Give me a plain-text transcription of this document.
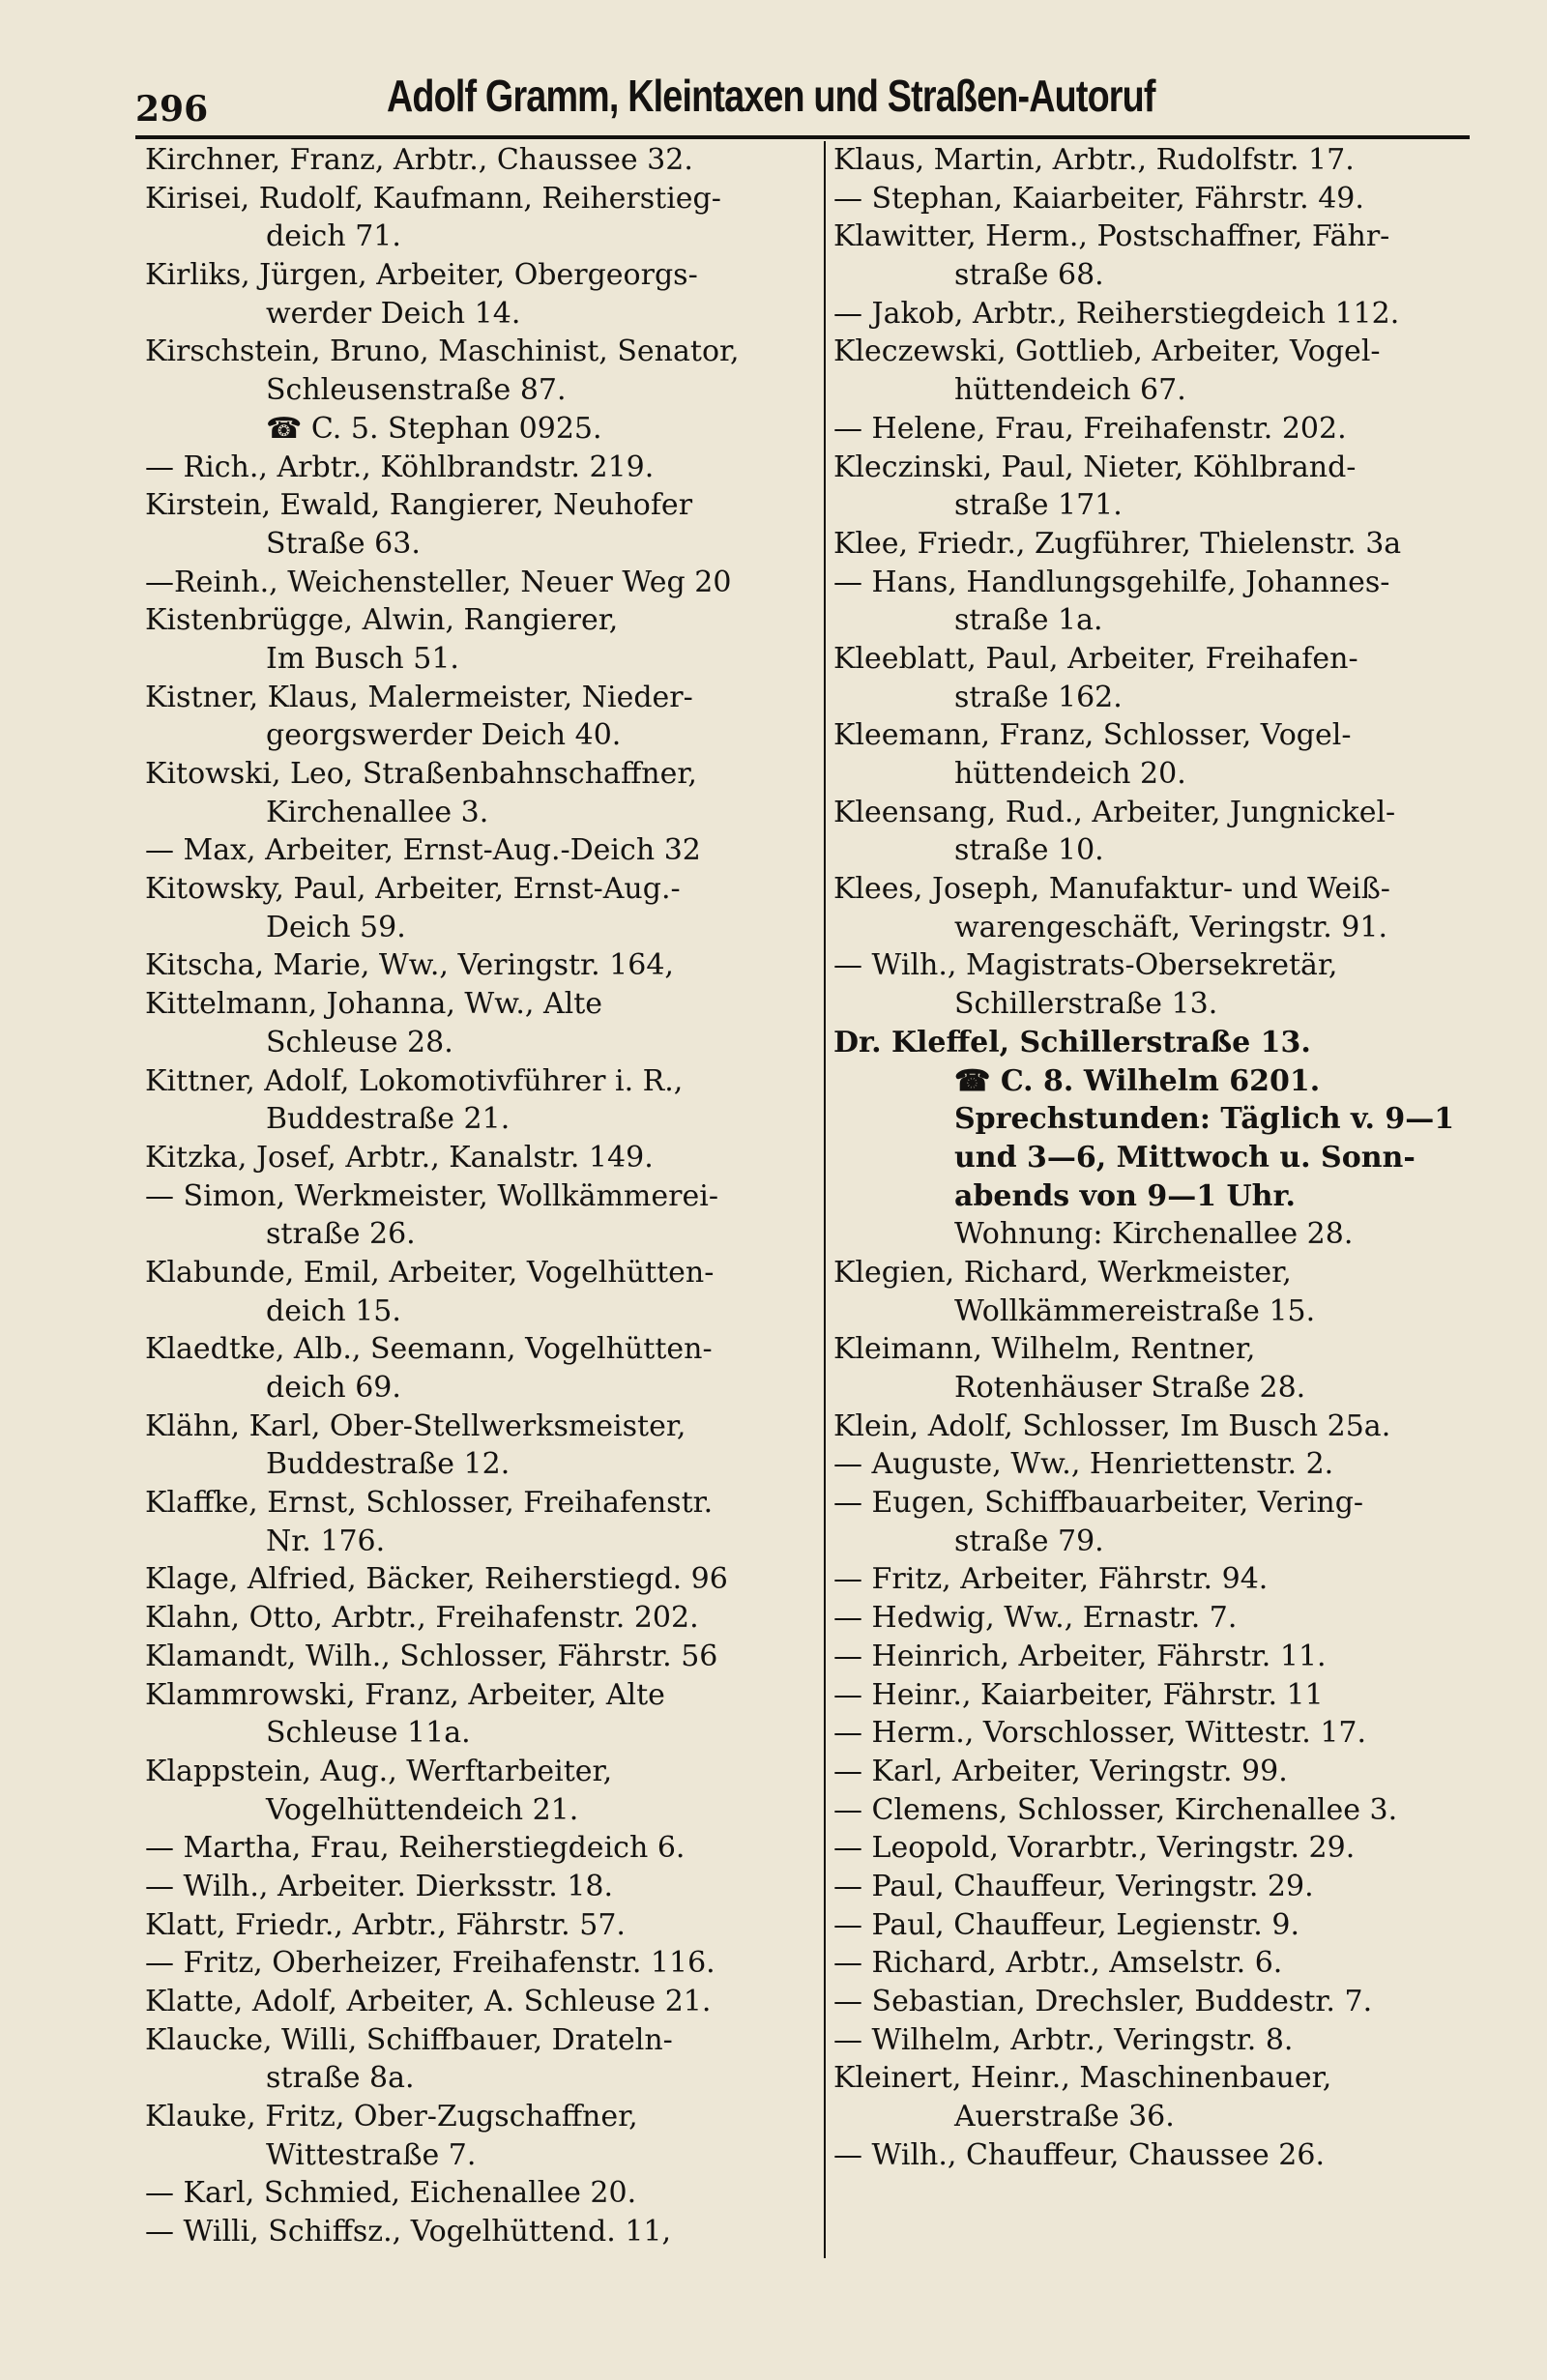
296	Adolf Gramm, Kleintaxen und Straßen-Autoruf

Kirchner, Franz, Arbtr., Chaussee 32.
Kirisei, Rudolf, Kaufmann, Reiherstieg-
deich 71.
Kirliks, Jürgen, Arbeiter, Obergeorgs-
werder Deich 14.
Kirschstein, Bruno, Maschinist, Senator,
Schleusenstraße 87.
☎ C. 5. Stephan 0925.
— Rich., Arbtr., Köhlbrandstr. 219.
Kirstein, Ewald, Rangierer, Neuhofer
Straße 63.
—Reinh., Weichensteller, Neuer Weg 20
Kistenbrügge, Alwin, Rangierer,
Im Busch 51.
Kistner, Klaus, Malermeister, Nieder-
georgswerder Deich 40.
Kitowski, Leo, Straßenbahnschaffner,
Kirchenallee 3.
— Max, Arbeiter, Ernst-Aug.-Deich 32
Kitowsky, Paul, Arbeiter, Ernst-Aug.-
Deich 59.
Kitscha, Marie, Ww., Veringstr. 164,
Kittelmann, Johanna, Ww., Alte
Schleuse 28.
Kittner, Adolf, Lokomotivführer i. R.,
Buddestraße 21.
Kitzka, Josef, Arbtr., Kanalstr. 149.
— Simon, Werkmeister, Wollkämmerei-
straße 26.
Klabunde, Emil, Arbeiter, Vogelhütten-
deich 15.
Klaedtke, Alb., Seemann, Vogelhütten-
deich 69.
Klähn, Karl, Ober-Stellwerksmeister,
Buddestraße 12.
Klaffke, Ernst, Schlosser, Freihafenstr.
Nr. 176.
Klage, Alfried, Bäcker, Reiherstiegd. 96
Klahn, Otto, Arbtr., Freihafenstr. 202.
Klamandt, Wilh., Schlosser, Fährstr. 56
Klammrowski, Franz, Arbeiter, Alte
Schleuse 11a.
Klappstein, Aug., Werftarbeiter,
Vogelhüttendeich 21.
— Martha, Frau, Reiherstiegdeich 6.
— Wilh., Arbeiter. Dierksstr. 18.
Klatt, Friedr., Arbtr., Fährstr. 57.
— Fritz, Oberheizer, Freihafenstr. 116.
Klatte, Adolf, Arbeiter, A. Schleuse 21.
Klaucke, Willi, Schiffbauer, Drateln-
straße 8a.
Klauke, Fritz, Ober-Zugschaffner,
Wittestraße 7.
— Karl, Schmied, Eichenallee 20.
— Willi, Schiffsz., Vogelhüttend. 11,
Klaus, Martin, Arbtr., Rudolfstr. 17.
— Stephan, Kaiarbeiter, Fährstr. 49.
Klawitter, Herm., Postschaffner, Fähr-
straße 68.
— Jakob, Arbtr., Reiherstiegdeich 112.
Kleczewski, Gottlieb, Arbeiter, Vogel-
hüttendeich 67.
— Helene, Frau, Freihafenstr. 202.
Kleczinski, Paul, Nieter, Köhlbrand-
straße 171.
Klee, Friedr., Zugführer, Thielenstr. 3a
— Hans, Handlungsgehilfe, Johannes-
straße 1a.
Kleeblatt, Paul, Arbeiter, Freihafen-
straße 162.
Kleemann, Franz, Schlosser, Vogel-
hüttendeich 20.
Kleensang, Rud., Arbeiter, Jungnickel-
straße 10.
Klees, Joseph, Manufaktur- und Weiß-
warengeschäft, Veringstr. 91.
— Wilh., Magistrats-Obersekretär,
Schillerstraße 13.
Dr. Kleffel, Schillerstraße 13.
☎ C. 8. Wilhelm 6201.
Sprechstunden: Täglich v. 9—1
und 3—6, Mittwoch u. Sonn-
abends von 9—1 Uhr.
Wohnung: Kirchenallee 28.
Klegien, Richard, Werkmeister,
Wollkämmereistraße 15.
Kleimann, Wilhelm, Rentner,
Rotenhäuser Straße 28.
Klein, Adolf, Schlosser, Im Busch 25a.
— Auguste, Ww., Henriettenstr. 2.
— Eugen, Schiffbauarbeiter, Vering-
straße 79.
— Fritz, Arbeiter, Fährstr. 94.
— Hedwig, Ww., Ernastr. 7.
— Heinrich, Arbeiter, Fährstr. 11.
— Heinr., Kaiarbeiter, Fährstr. 11
— Herm., Vorschlosser, Wittestr. 17.
— Karl, Arbeiter, Veringstr. 99.
— Clemens, Schlosser, Kirchenallee 3.
— Leopold, Vorarbtr., Veringstr. 29.
— Paul, Chauffeur, Veringstr. 29.
— Paul, Chauffeur, Legienstr. 9.
— Richard, Arbtr., Amselstr. 6.
— Sebastian, Drechsler, Buddestr. 7.
— Wilhelm, Arbtr., Veringstr. 8.
Kleinert, Heinr., Maschinenbauer,
Auerstraße 36.
— Wilh., Chauffeur, Chaussee 26.
